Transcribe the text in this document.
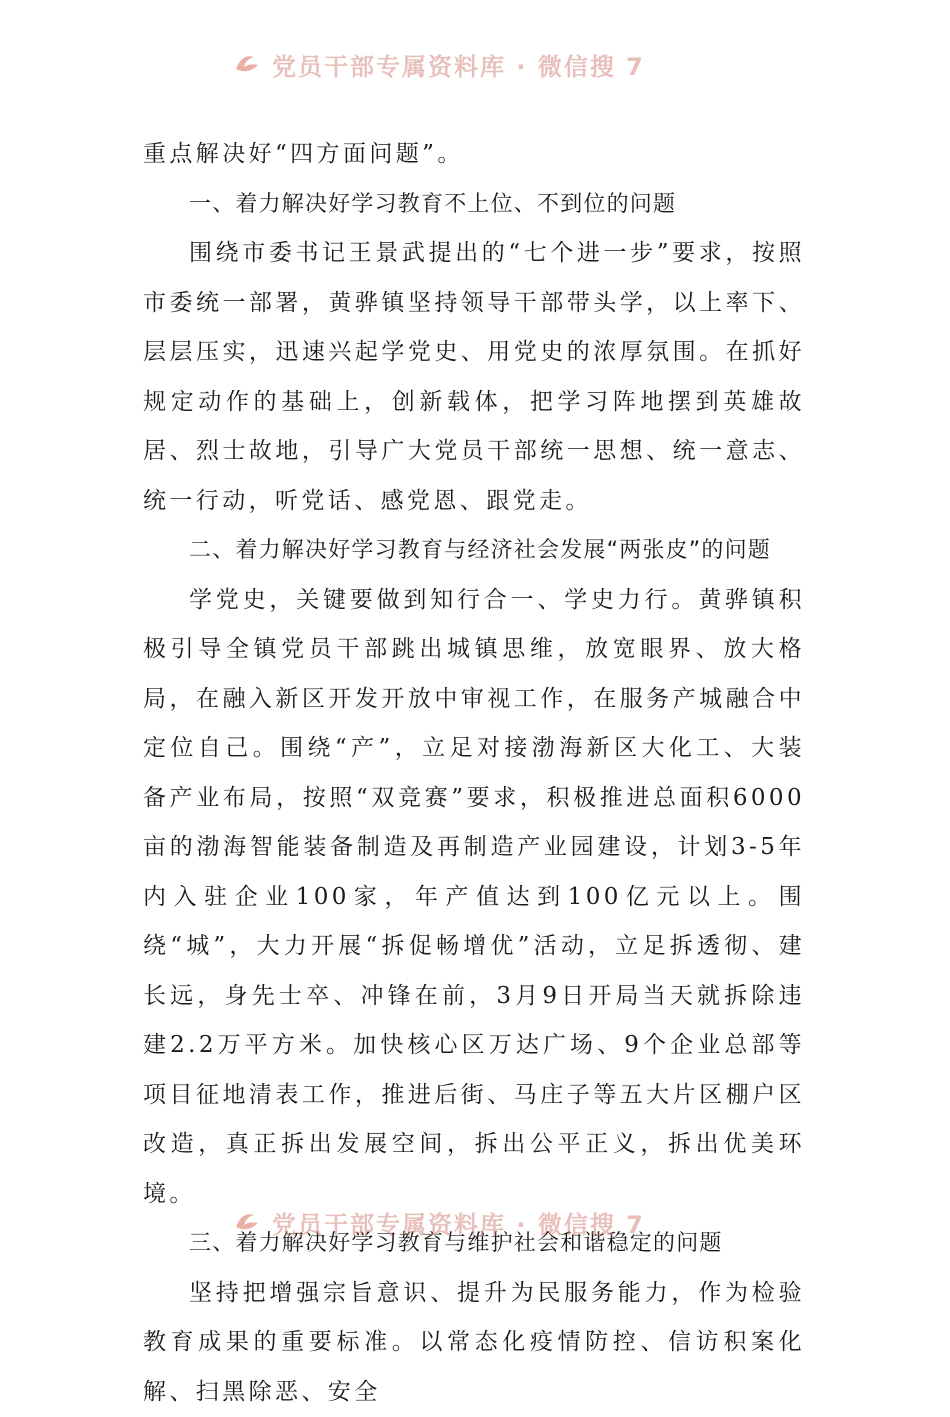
党员干部专属资料库 · 微信搜 7

重点解决好“四方面问题”。

一、着力解决好学习教育不上位、不到位的问题

围绕市委书记王景武提出的“七个进一步”要求，按照市委统一部署，黄骅镇坚持领导干部带头学，以上率下、层层压实，迅速兴起学党史、用党史的浓厚氛围。在抓好规定动作的基础上，创新载体，把学习阵地摆到英雄故居、烈士故地，引导广大党员干部统一思想、统一意志、统一行动，听党话、感党恩、跟党走。

二、着力解决好学习教育与经济社会发展“两张皮”的问题

学党史，关键要做到知行合一、学史力行。黄骅镇积极引导全镇党员干部跳出城镇思维，放宽眼界、放大格局，在融入新区开发开放中审视工作，在服务产城融合中定位自己。围绕“产”，立足对接渤海新区大化工、大装备产业布局，按照“双竞赛”要求，积极推进总面积6000亩的渤海智能装备制造及再制造产业园建设，计划3-5年内入驻企业100家，年产值达到100亿元以上。围绕“城”，大力开展“拆促畅增优”活动，立足拆透彻、建长远，身先士卒、冲锋在前，3月9日开局当天就拆除违建2.2万平方米。加快核心区万达广场、9个企业总部等项目征地清表工作，推进后街、马庄子等五大片区棚户区改造，真正拆出发展空间，拆出公平正义，拆出优美环境。

三、着力解决好学习教育与维护社会和谐稳定的问题

坚持把增强宗旨意识、提升为民服务能力，作为检验教育成果的重要标准。以常态化疫情防控、信访积案化解、扫黑除恶、安全

党员干部专属资料库 · 微信搜 7
